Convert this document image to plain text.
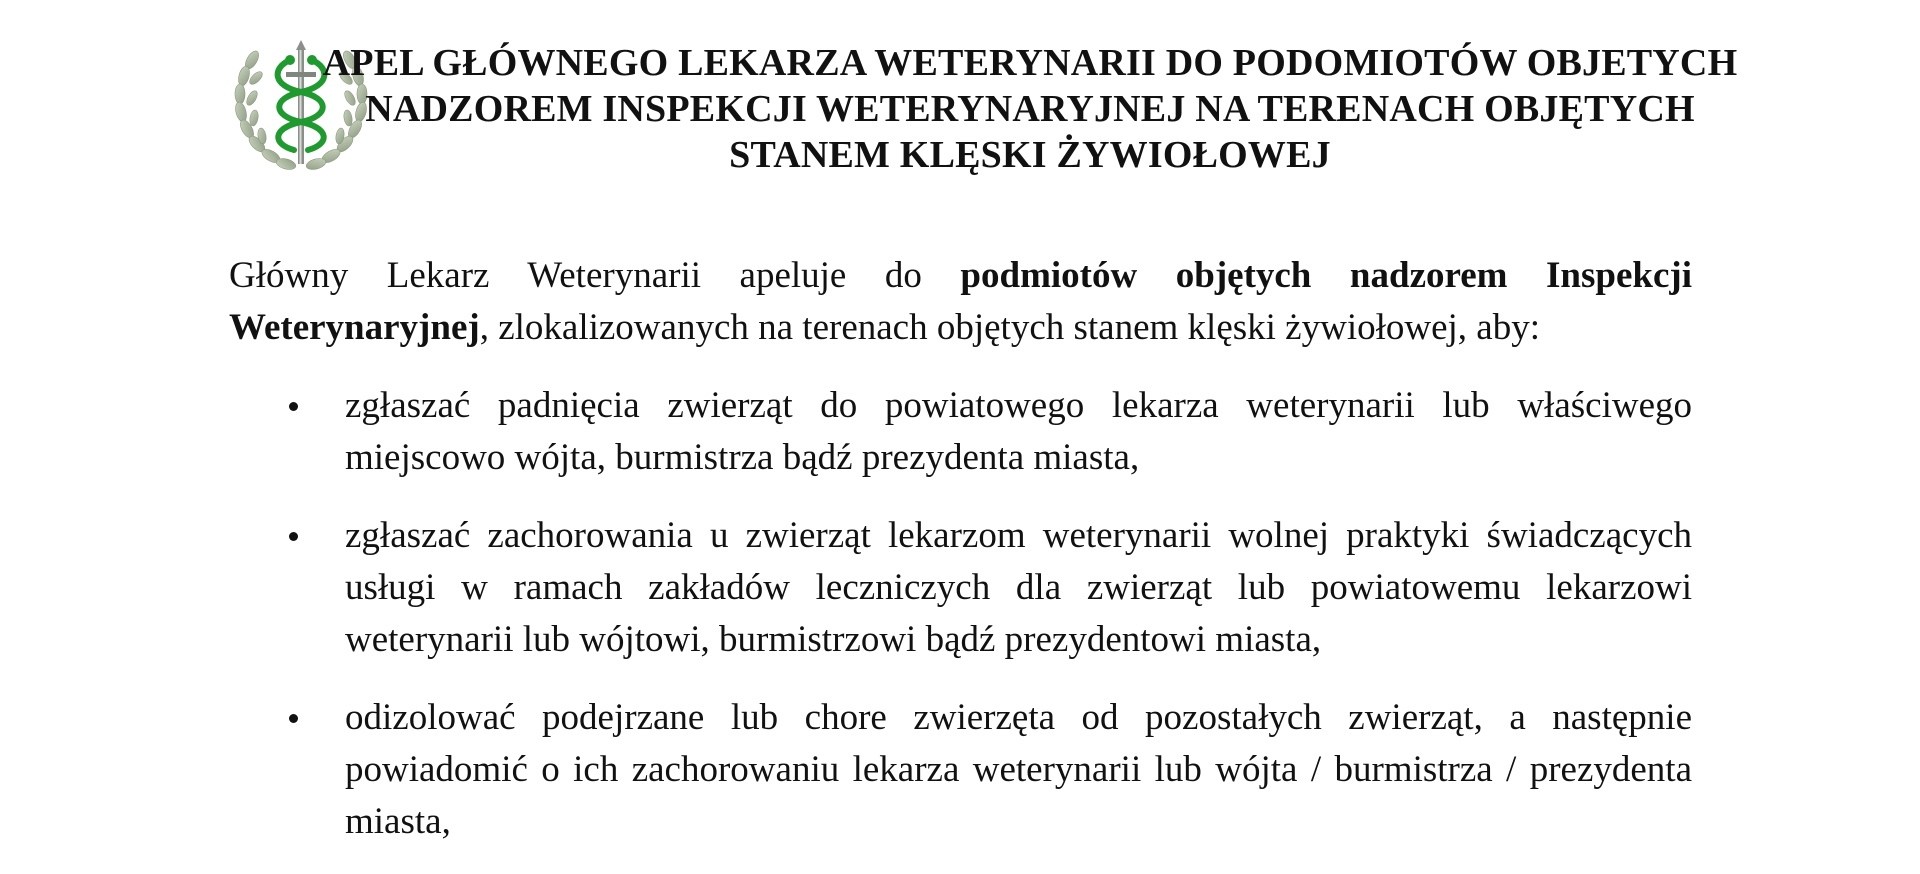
APEL GŁÓWNEGO LEKARZA WETERYNARII DO PODOMIOTÓW OBJETYCH
NADZOREM INSPEKCJI WETERYNARYJNEJ NA TERENACH OBJĘTYCH
STANEM KLĘSKI ŻYWIOŁOWEJ

Główny Lekarz Weterynarii apeluje do podmiotów objętych nadzorem Inspekcji Weterynaryjnej, zlokalizowanych na terenach objętych stanem klęski żywiołowej, aby:

zgłaszać padnięcia zwierząt do powiatowego lekarza weterynarii lub właściwego miejscowo wójta, burmistrza bądź prezydenta miasta,
zgłaszać zachorowania u zwierząt lekarzom weterynarii wolnej praktyki świadczących usługi w ramach zakładów leczniczych dla zwierząt lub powiatowemu lekarzowi weterynarii lub wójtowi, burmistrzowi bądź prezydentowi miasta,
odizolować podejrzane lub chore zwierzęta od pozostałych zwierząt, a następnie powiadomić o ich zachorowaniu lekarza weterynarii lub wójta / burmistrza / prezydenta miasta,
